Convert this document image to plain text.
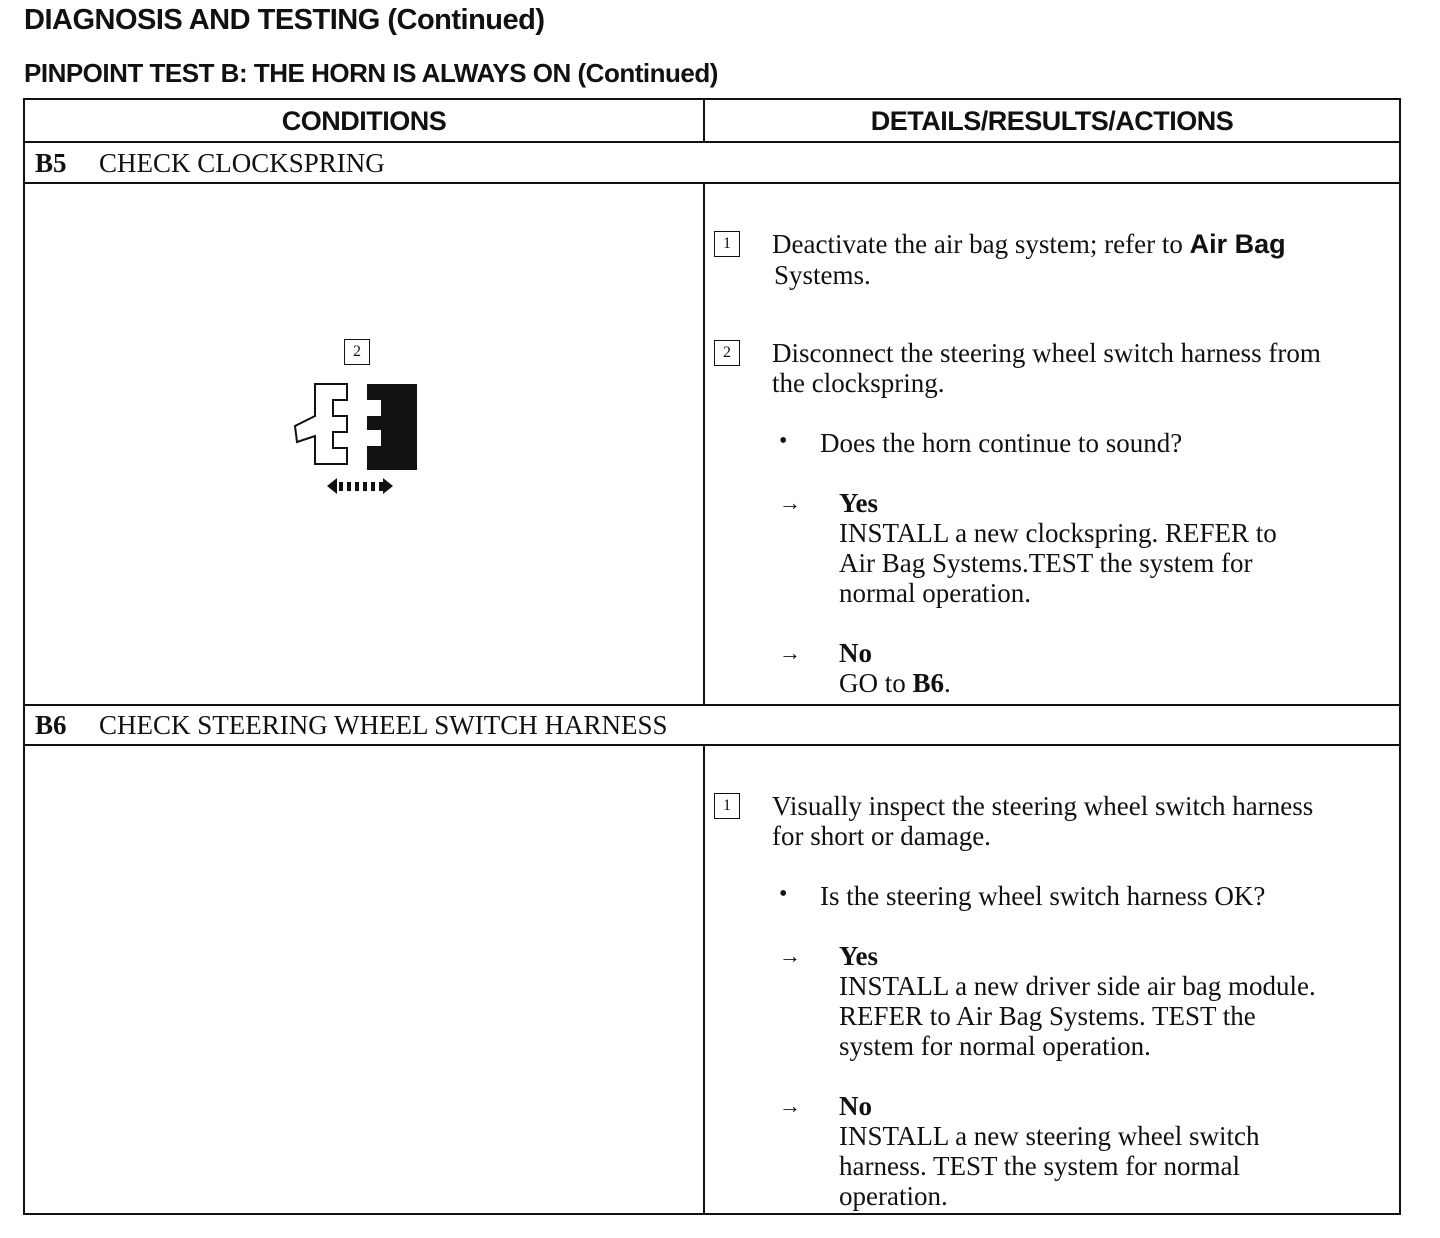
DIAGNOSIS AND TESTING (Continued)
PINPOINT TEST B: THE HORN IS ALWAYS ON (Continued)
CONDITIONS	DETAILS/RESULTS/ACTIONS
B5 CHECK CLOCKSPRING
2
1	Deactivate the air bag system; refer to Air Bag
Systems.
2	Disconnect the steering wheel switch harness from
the clockspring.
• Does the horn continue to sound?
→ Yes
INSTALL a new clockspring. REFER to
Air Bag Systems.TEST the system for
normal operation.
→ No
GO to B6.
B6 CHECK STEERING WHEEL SWITCH HARNESS
1	Visually inspect the steering wheel switch harness
for short or damage.
• Is the steering wheel switch harness OK?
→ Yes
INSTALL a new driver side air bag module.
REFER to Air Bag Systems. TEST the
system for normal operation.
→ No
INSTALL a new steering wheel switch
harness. TEST the system for normal
operation.
